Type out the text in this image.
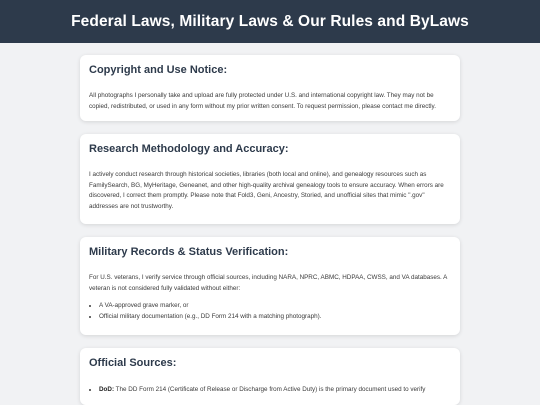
Federal Laws, Military Laws & Our Rules and ByLaws
Copyright and Use Notice:

All photographs I personally take and upload are fully protected under U.S. and international copyright law. They may not be copied, redistributed, or used in any form without my prior written consent. To request permission, please contact me directly.

Research Methodology and Accuracy:

I actively conduct research through historical societies, libraries (both local and online), and genealogy resources such as FamilySearch, BG, MyHeritage, Geneanet, and other high-quality archival genealogy tools to ensure accuracy. When errors are discovered, I correct them promptly. Please note that Fold3, Geni, Ancestry, Storied, and unofficial sites that mimic ".gov" addresses are not trustworthy.

Military Records & Status Verification:

For U.S. veterans, I verify service through official sources, including NARA, NPRC, ABMC, HDPAA, CWSS, and VA databases. A veteran is not considered fully validated without either:

• A VA-approved grave marker, or
• Official military documentation (e.g., DD Form 214 with a matching photograph).
Official Sources:
• DoD: The DD Form 214 (Certificate of Release or Discharge from Active Duty) is the primary document used to verify
